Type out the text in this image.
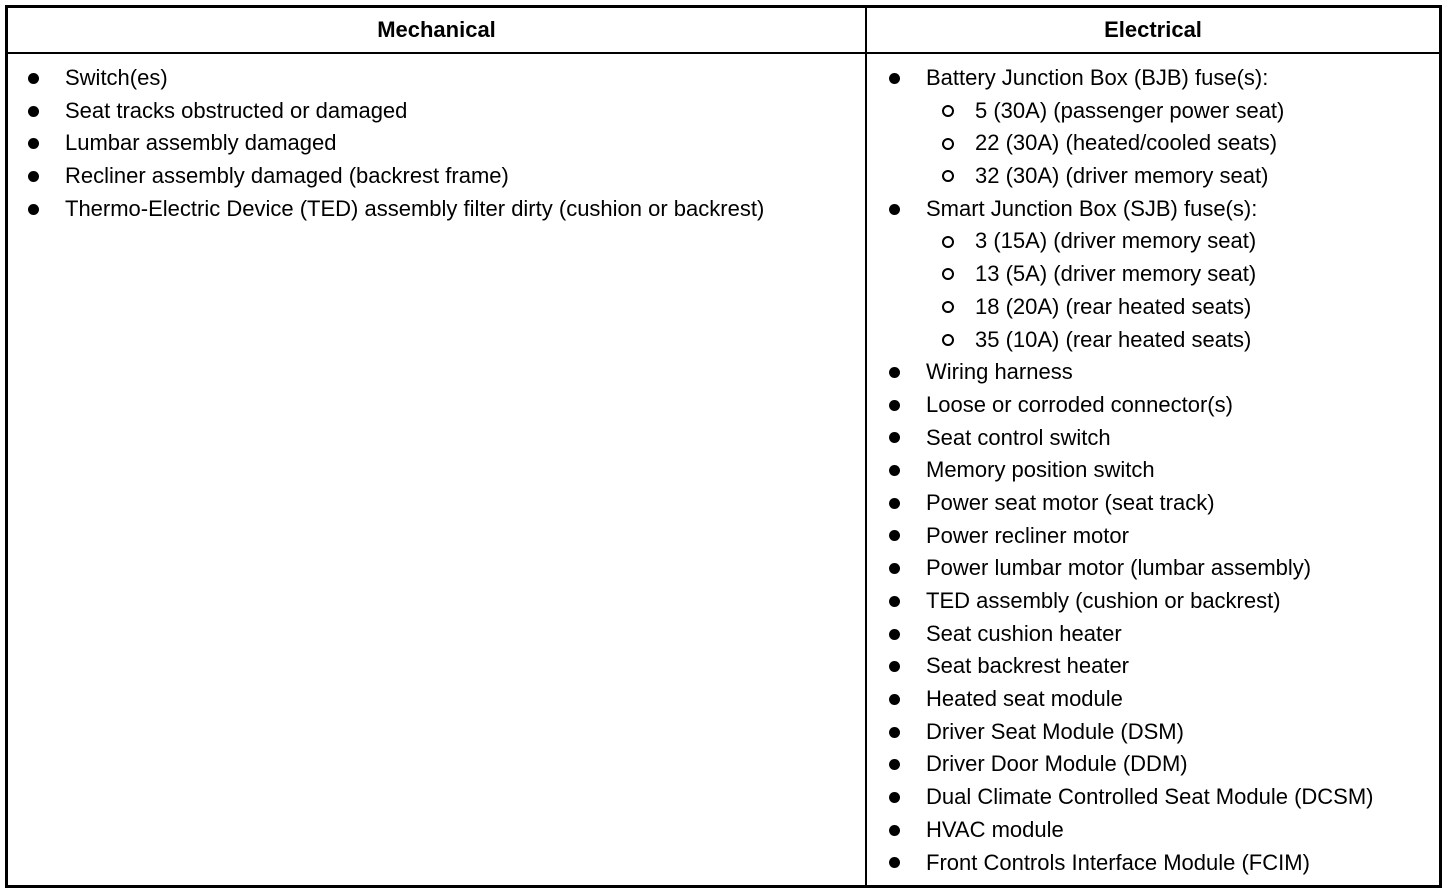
Mechanical	Electrical
Switch(es)
Seat tracks obstructed or damaged
Lumbar assembly damaged
Recliner assembly damaged (backrest frame)
Thermo-Electric Device (TED) assembly filter dirty (cushion or backrest)
Battery Junction Box (BJB) fuse(s):
5 (30A) (passenger power seat)
22 (30A) (heated/cooled seats)
32 (30A) (driver memory seat)
Smart Junction Box (SJB) fuse(s):
3 (15A) (driver memory seat)
13 (5A) (driver memory seat)
18 (20A) (rear heated seats)
35 (10A) (rear heated seats)
Wiring harness
Loose or corroded connector(s)
Seat control switch
Memory position switch
Power seat motor (seat track)
Power recliner motor
Power lumbar motor (lumbar assembly)
TED assembly (cushion or backrest)
Seat cushion heater
Seat backrest heater
Heated seat module
Driver Seat Module (DSM)
Driver Door Module (DDM)
Dual Climate Controlled Seat Module (DCSM)
HVAC module
Front Controls Interface Module (FCIM)
